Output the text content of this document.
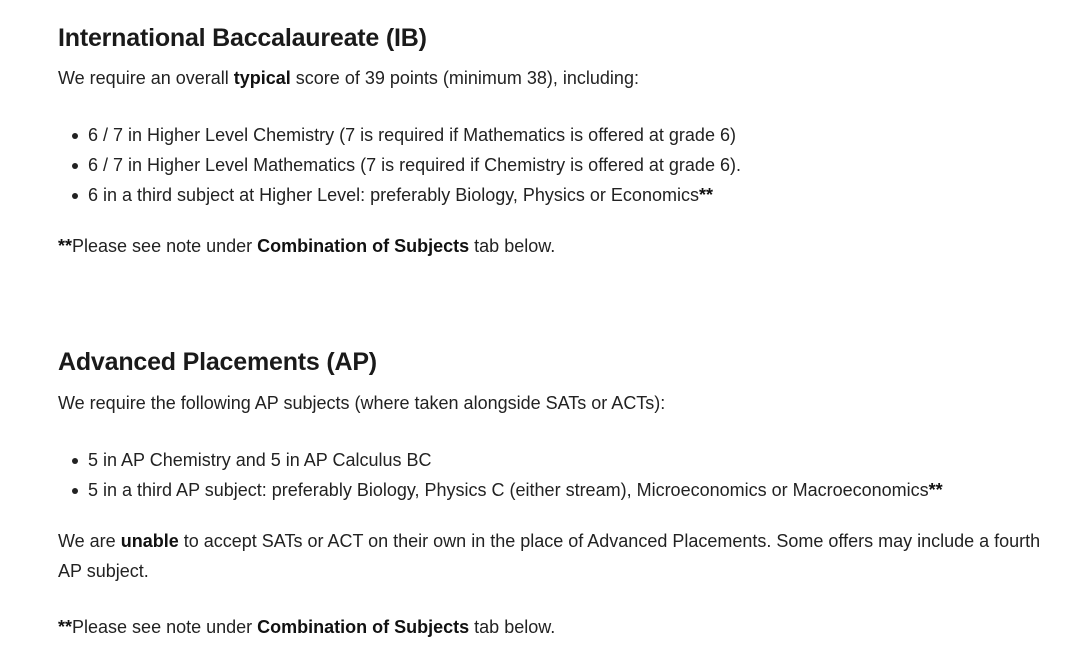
International Baccalaureate (IB)

We require an overall typical score of 39 points (minimum 38), including:

6 / 7 in Higher Level Chemistry (7 is required if Mathematics is offered at grade 6)
6 / 7 in Higher Level Mathematics (7 is required if Chemistry is offered at grade 6).
6 in a third subject at Higher Level: preferably Biology, Physics or Economics**

**Please see note under Combination of Subjects tab below.

Advanced Placements (AP)

We require the following AP subjects (where taken alongside SATs or ACTs):

5 in AP Chemistry and 5 in AP Calculus BC
5 in a third AP subject: preferably Biology, Physics C (either stream), Microeconomics or Macroeconomics**

We are unable to accept SATs or ACT on their own in the place of Advanced Placements. Some offers may include a fourth AP subject.

**Please see note under Combination of Subjects tab below.
